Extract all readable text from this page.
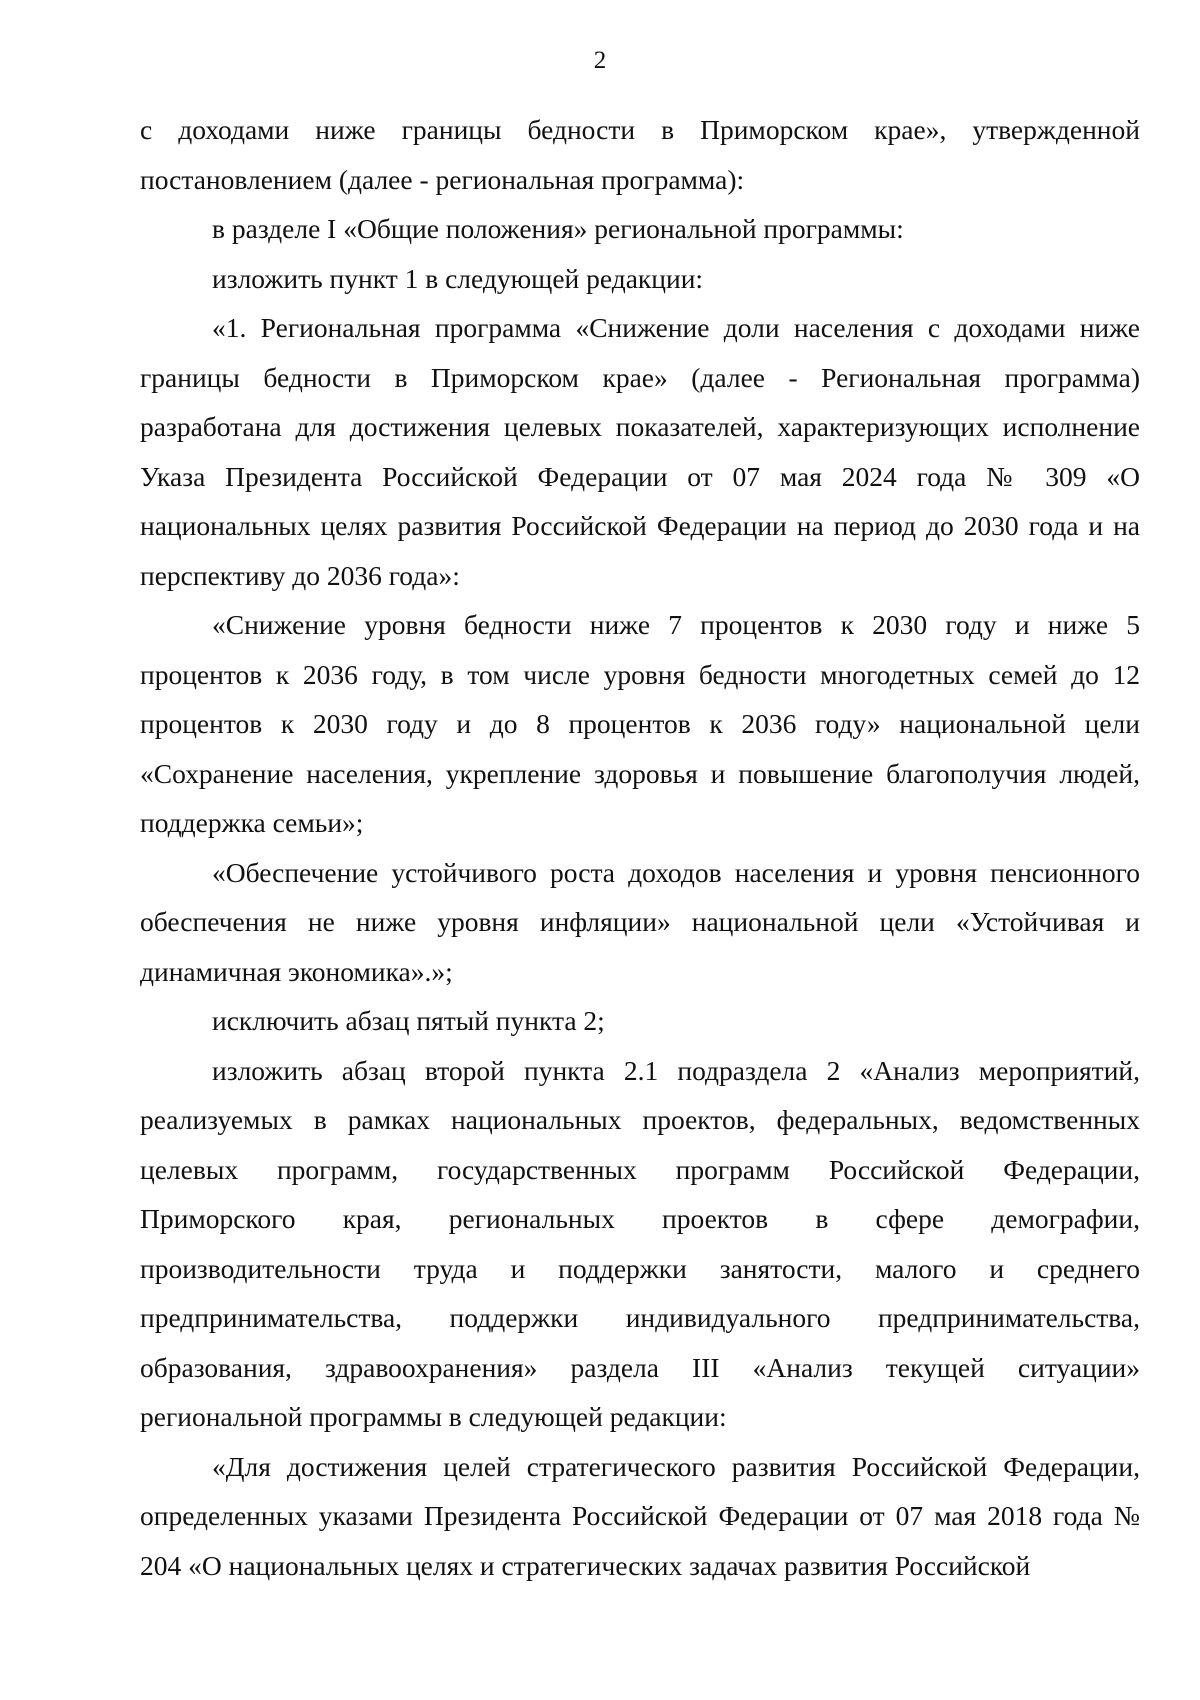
2

с доходами ниже границы бедности в Приморском крае», утвержденной постановлением (далее - региональная программа):

в разделе I «Общие положения» региональной программы:

изложить пункт 1 в следующей редакции:

«1. Региональная программа «Снижение доли населения с доходами ниже границы бедности в Приморском крае» (далее - Региональная программа) разработана для достижения целевых показателей, характеризующих исполнение Указа Президента Российской Федерации от 07 мая 2024 года № 309 «О национальных целях развития Российской Федерации на период до 2030 года и на перспективу до 2036 года»:

«Снижение уровня бедности ниже 7 процентов к 2030 году и ниже 5 процентов к 2036 году, в том числе уровня бедности многодетных семей до 12 процентов к 2030 году и до 8 процентов к 2036 году» национальной цели «Сохранение населения, укрепление здоровья и повышение благополучия людей, поддержка семьи»;

«Обеспечение устойчивого роста доходов населения и уровня пенсионного обеспечения не ниже уровня инфляции» национальной цели «Устойчивая и динамичная экономика».»;

исключить абзац пятый пункта 2;

изложить абзац второй пункта 2.1 подраздела 2 «Анализ мероприятий, реализуемых в рамках национальных проектов, федеральных, ведомственных целевых программ, государственных программ Российской Федерации, Приморского края, региональных проектов в сфере демографии, производительности труда и поддержки занятости, малого и среднего предпринимательства, поддержки индивидуального предпринимательства, образования, здравоохранения» раздела III «Анализ текущей ситуации» региональной программы в следующей редакции:

«Для достижения целей стратегического развития Российской Федерации, определенных указами Президента Российской Федерации от 07 мая 2018 года № 204 «О национальных целях и стратегических задачах развития Российской
